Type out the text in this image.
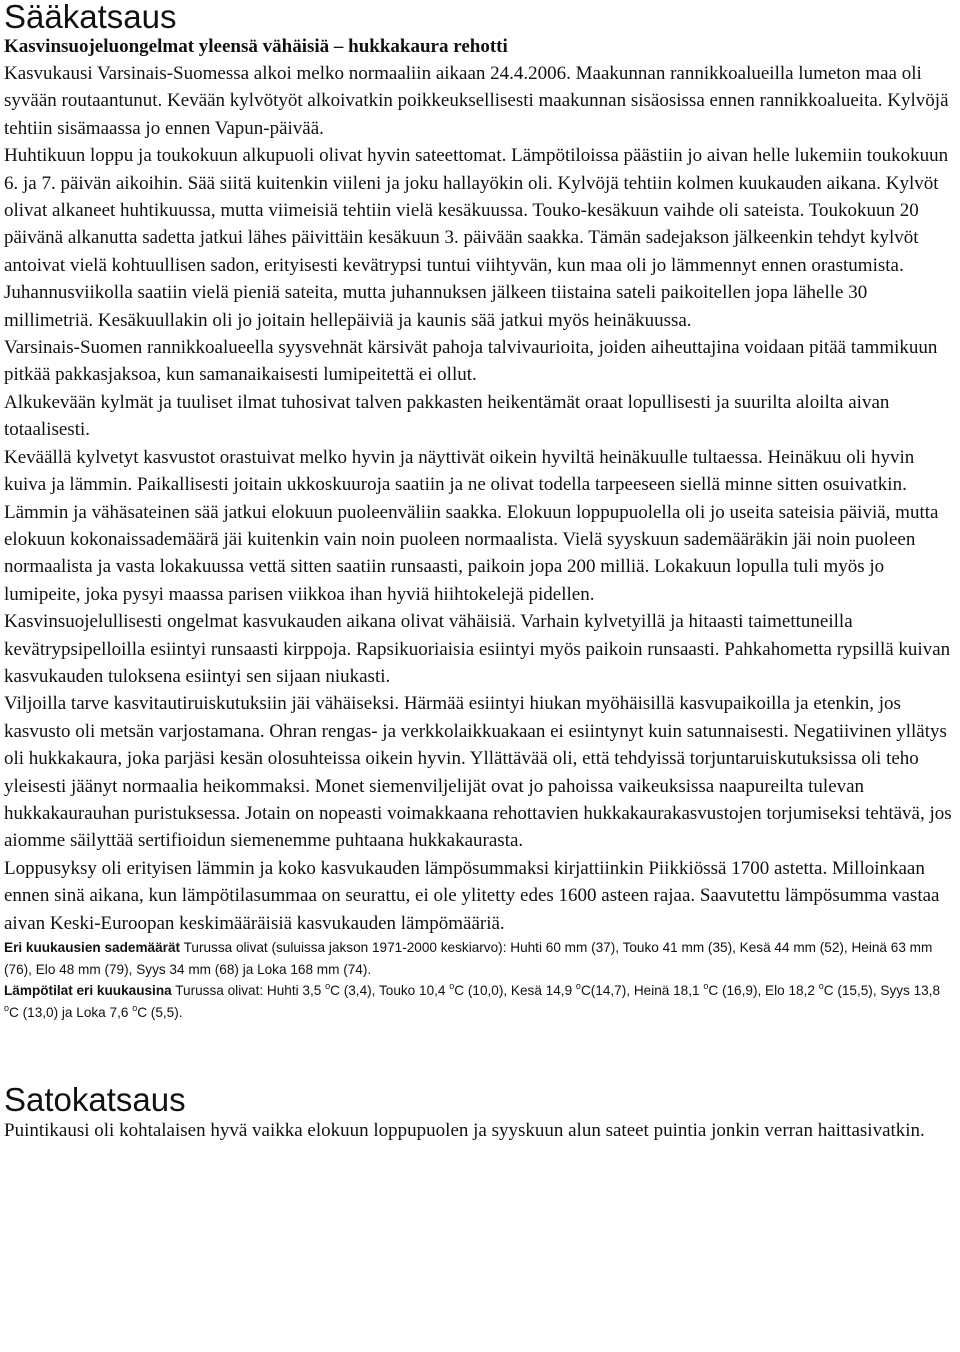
Sääkatsaus
Kasvinsuojeluongelmat yleensä vähäisiä – hukkakaura rehotti

Kasvukausi Varsinais-Suomessa alkoi melko normaaliin aikaan 24.4.2006. Maakunnan rannikkoalueilla lumeton maa oli syvään routaantunut. Kevään kylvötyöt alkoivatkin poikkeuksellisesti maakunnan sisäosissa ennen rannikkoalueita. Kylvöjä tehtiin sisämaassa jo ennen Vapun-päivää.

Huhtikuun loppu ja toukokuun alkupuoli olivat hyvin sateettomat. Lämpötiloissa päästiin jo aivan helle lukemiin toukokuun 6. ja 7. päivän aikoihin. Sää siitä kuitenkin viileni ja joku hallayökin oli. Kylvöjä tehtiin kolmen kuukauden aikana. Kylvöt olivat alkaneet huhtikuussa, mutta viimeisiä tehtiin vielä kesäkuussa. Touko-kesäkuun vaihde oli sateista. Toukokuun 20 päivänä alkanutta sadetta jatkui lähes päivittäin kesäkuun 3. päivään saakka. Tämän sadejakson jälkeenkin tehdyt kylvöt antoivat vielä kohtuullisen sadon, erityisesti kevätrypsi tuntui viihtyvän, kun maa oli jo lämmennyt ennen orastumista. Juhannusviikolla saatiin vielä pieniä sateita, mutta juhannuksen jälkeen tiistaina sateli paikoitellen jopa lähelle 30 millimetriä. Kesäkuullakin oli jo joitain hellepäiviä ja kaunis sää jatkui myös heinäkuussa.

Varsinais-Suomen rannikkoalueella syysvehnät kärsivät pahoja talvivaurioita, joiden aiheuttajina voidaan pitää tammikuun pitkää pakkasjaksoa, kun samanaikaisesti lumipeitettä ei ollut.

Alkukevään kylmät ja tuuliset ilmat tuhosivat talven pakkasten heikentämät oraat lopullisesti ja suurilta aloilta aivan totaalisesti.

Keväällä kylvetyt kasvustot orastuivat melko hyvin ja näyttivät oikein hyviltä heinäkuulle tultaessa. Heinäkuu oli hyvin kuiva ja lämmin. Paikallisesti joitain ukkoskuuroja saatiin ja ne olivat todella tarpeeseen siellä minne sitten osuivatkin. Lämmin ja vähäsateinen sää jatkui elokuun puoleenväliin saakka. Elokuun loppupuolella oli jo useita sateisia päiviä, mutta elokuun kokonaissademäärä jäi kuitenkin vain noin puoleen normaalista. Vielä syyskuun sademääräkin jäi noin puoleen normaalista ja vasta lokakuussa vettä sitten saatiin runsaasti, paikoin jopa 200 milliä. Lokakuun lopulla tuli myös jo lumipeite, joka pysyi maassa parisen viikkoa ihan hyviä hiihtokelejä pidellen.

Kasvinsuojelullisesti ongelmat kasvukauden aikana olivat vähäisiä. Varhain kylvetyillä ja hitaasti taimettuneilla kevätrypsipelloilla esiintyi runsaasti kirppoja. Rapsikuoriaisia esiintyi myös paikoin runsaasti. Pahkahometta rypsillä kuivan kasvukauden tuloksena esiintyi sen sijaan niukasti.

Viljoilla tarve kasvitautiruiskutuksiin jäi vähäiseksi. Härmää esiintyi hiukan myöhäisillä kasvupaikoilla ja etenkin, jos kasvusto oli metsän varjostamana. Ohran rengas- ja verkkolaikkuakaan ei esiintynyt kuin satunnaisesti. Negatiivinen yllätys oli hukkakaura, joka parjäsi kesän olosuhteissa oikein hyvin. Yllättävää oli, että tehdyissä torjuntaruiskutuksissa oli teho yleisesti jäänyt normaalia heikommaksi. Monet siemenviljelijät ovat jo pahoissa vaikeuksissa naapureilta tulevan hukkakaurauhan puristuksessa. Jotain on nopeasti voimakkaana rehottavien hukkakaurakasvustojen torjumiseksi tehtävä, jos aiomme säilyttää sertifioidun siemenemme puhtaana hukkakaurasta.

Loppusyksy oli erityisen lämmin ja koko kasvukauden lämpösummaksi kirjattiinkin Piikkiössä 1700 astetta. Milloinkaan ennen sinä aikana, kun lämpötilasummaa on seurattu, ei ole ylitetty edes 1600 asteen rajaa. Saavutettu lämpösumma vastaa aivan Keski-Euroopan keskimääräisiä kasvukauden lämpömääriä.

Eri kuukausien sademäärät Turussa olivat (suluissa jakson 1971-2000 keskiarvo): Huhti 60 mm (37), Touko 41 mm (35), Kesä 44 mm (52), Heinä 63 mm (76), Elo 48 mm (79), Syys 34 mm (68) ja Loka 168 mm (74).

Lämpötilat eri kuukausina Turussa olivat: Huhti 3,5 $^o$C (3,4), Touko 10,4 $^o$C (10,0), Kesä 14,9 $^o$C(14,7), Heinä 18,1 $^o$C (16,9), Elo 18,2 $^o$C (15,5), Syys 13,8 $^o$C (13,0) ja Loka 7,6 $^o$C (5,5).

Satokatsaus

Puintikausi oli kohtalaisen hyvä vaikka elokuun loppupuolen ja syyskuun alun sateet puintia jonkin verran haittasivatkin.
